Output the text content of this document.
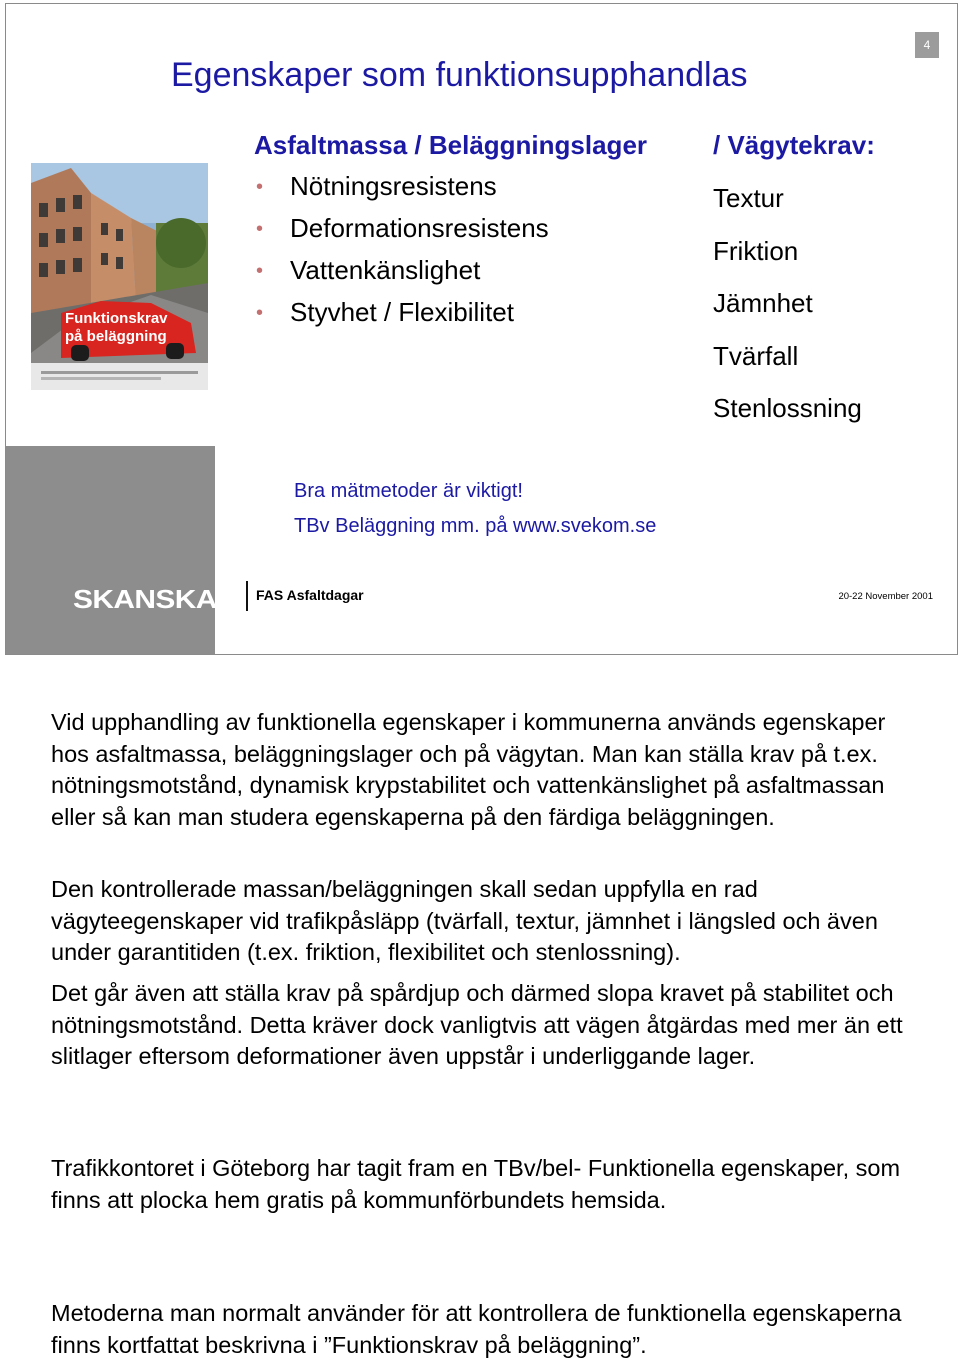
4
Egenskaper som funktionsupphandlas
Asfaltmassa / Beläggningslager	/ Vägytekrav:
Funktionskrav
på beläggning
• Nötningsresistens
• Deformationsresistens
• Vattenkänslighet
• Styvhet / Flexibilitet
Textur
Friktion
Jämnhet
Tvärfall
Stenlossning
Bra mätmetoder är viktigt!
TBv Beläggning mm. på www.svekom.se
SKANSKA	FAS Asfaltdagar	20-22 November 2001

Vid upphandling av funktionella egenskaper i kommunerna används egenskaper hos asfaltmassa, beläggningslager och på vägytan. Man kan ställa krav på t.ex. nötningsmotstånd, dynamisk krypstabilitet och vattenkänslighet på asfaltmassan eller så kan man studera egenskaperna på den färdiga beläggningen.

Den kontrollerade massan/beläggningen skall sedan uppfylla en rad vägyteegenskaper vid trafikpåsläpp (tvärfall, textur, jämnhet i längsled och även under garantitiden (t.ex. friktion, flexibilitet och stenlossning).

Det går även att ställa krav på spårdjup och därmed slopa kravet på stabilitet och nötningsmotstånd. Detta kräver dock vanligtvis att vägen åtgärdas med mer än ett slitlager eftersom deformationer även uppstår i underliggande lager.

Trafikkontoret i Göteborg har tagit fram en TBv/bel- Funktionella egenskaper, som finns att plocka hem gratis på kommunförbundets hemsida.

Metoderna man normalt använder för att kontrollera de funktionella egenskaperna finns kortfattat beskrivna i ”Funktionskrav på beläggning”.
